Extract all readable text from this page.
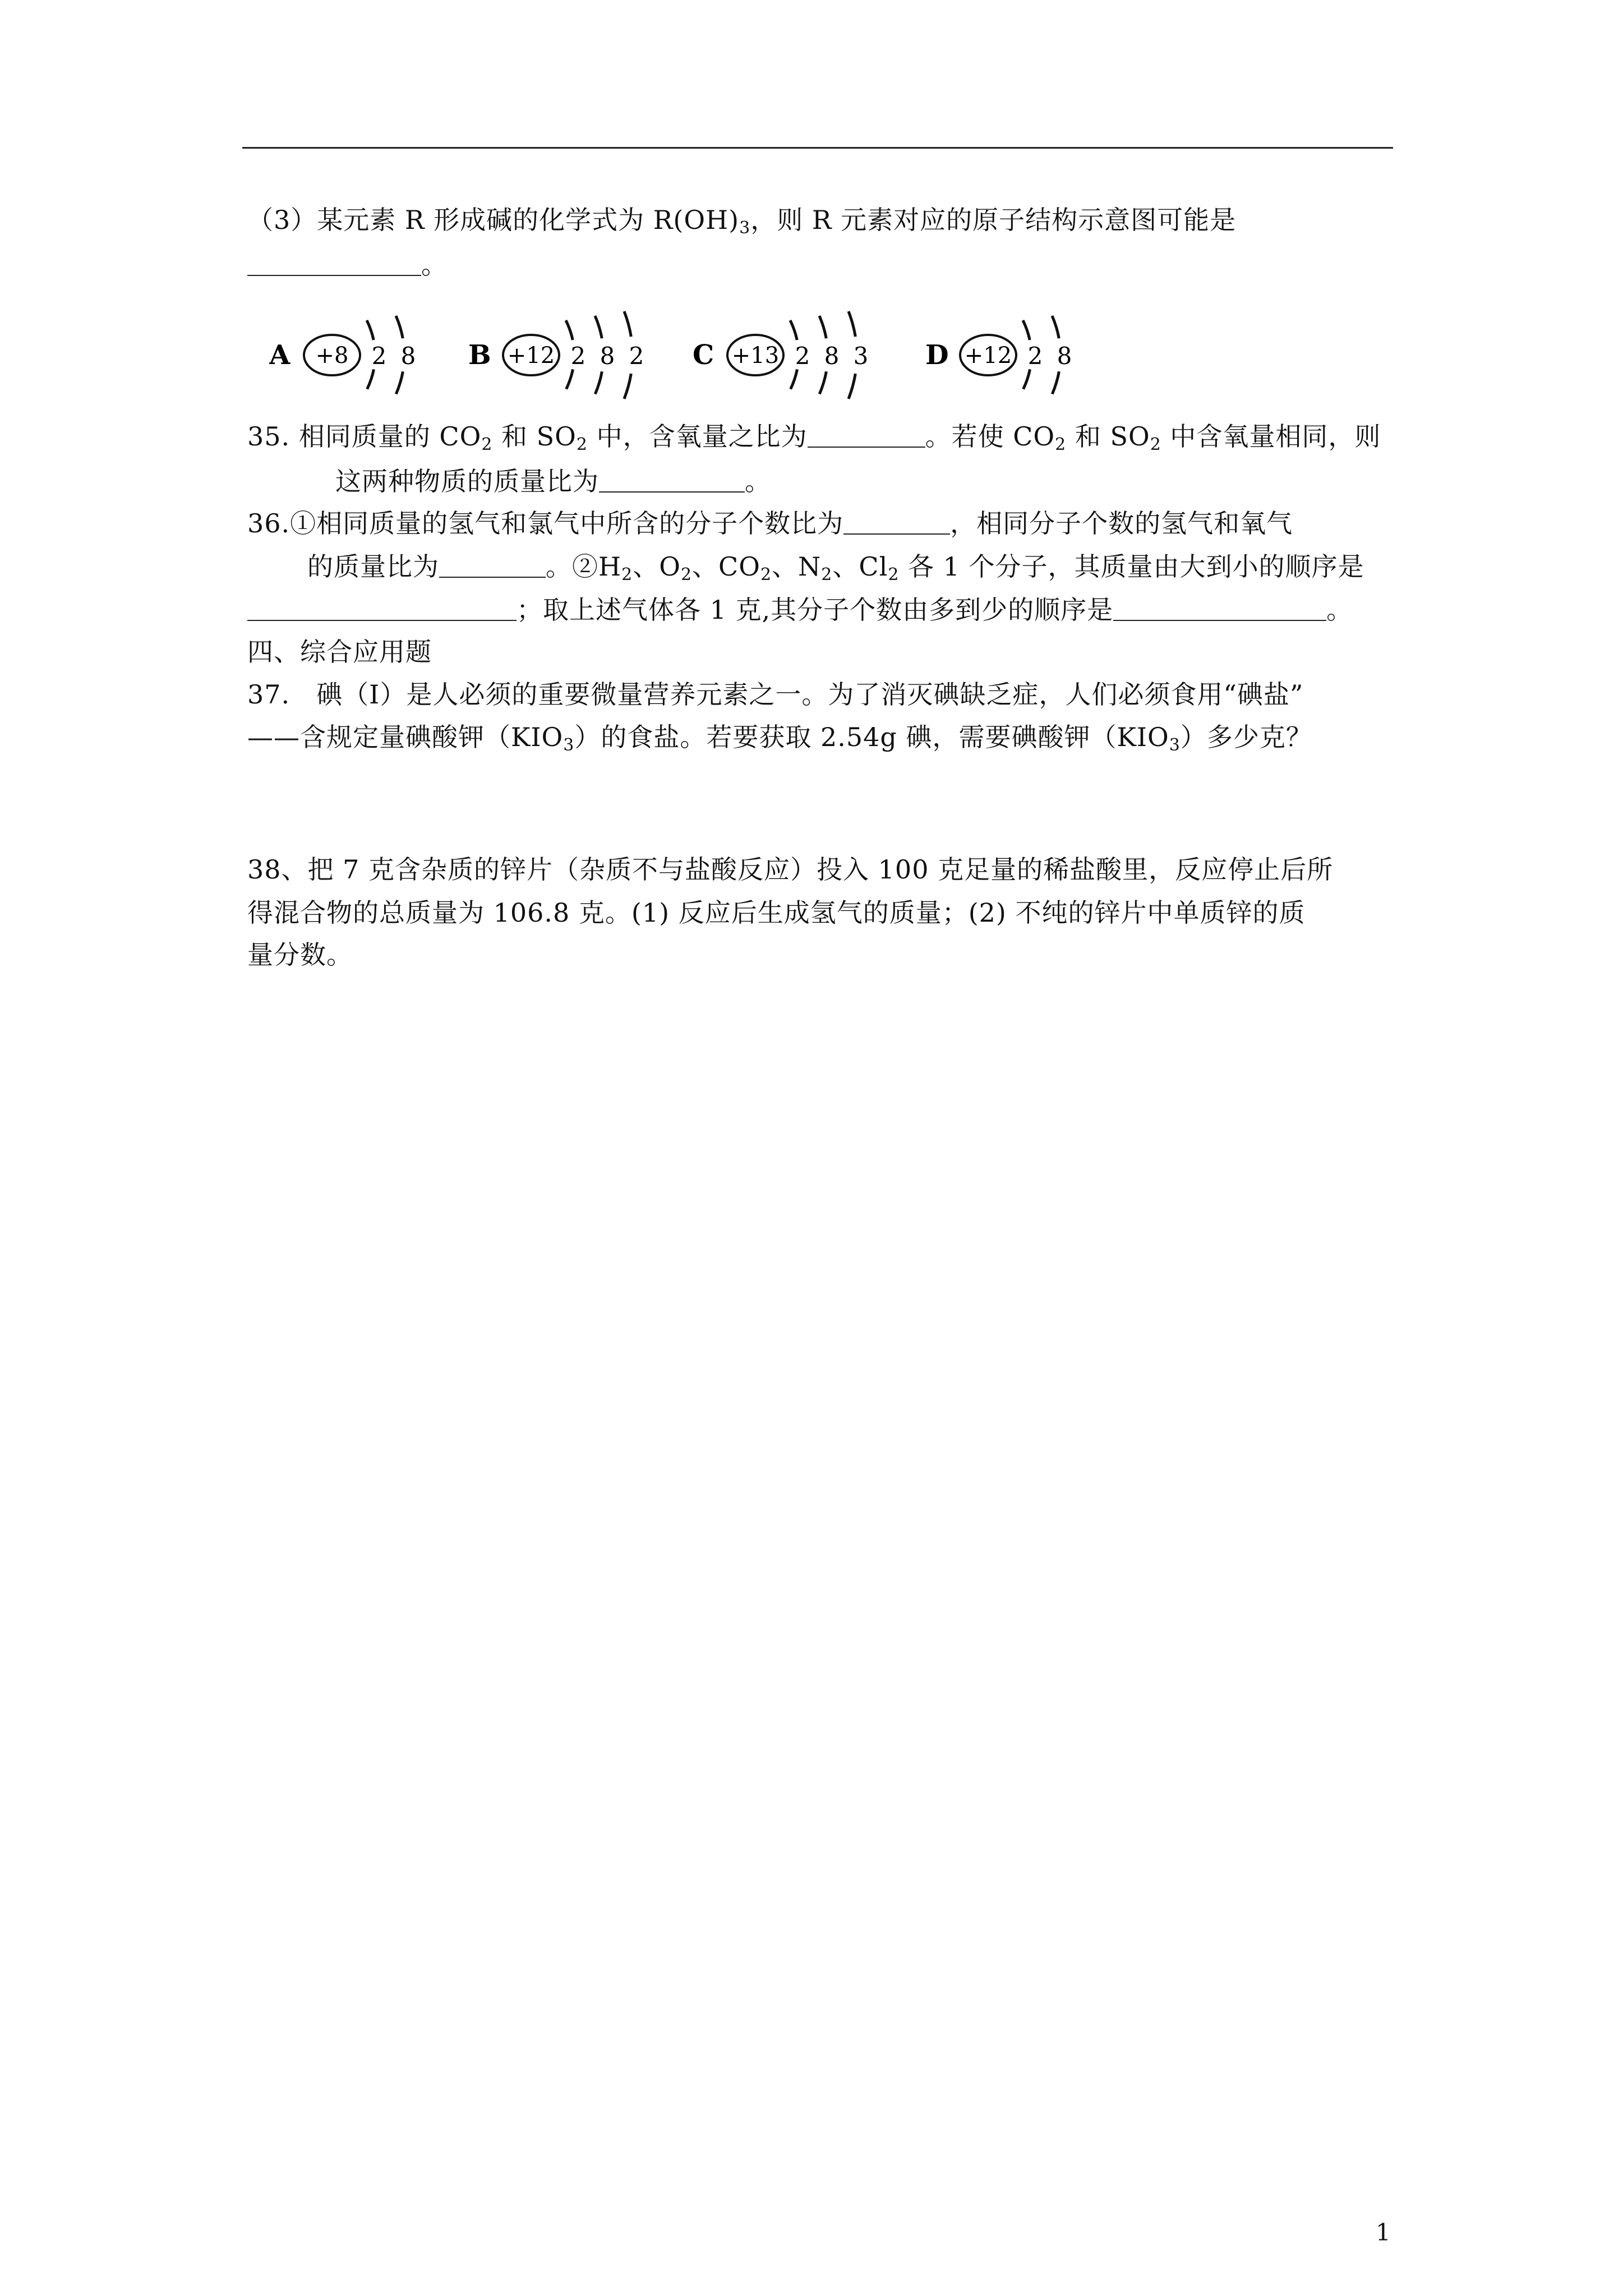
（3）某元素 R 形成碱的化学式为 $R(OH)_3$，则 R 元素对应的原子结构示意图可能是
。
A +8 2 8 B +12 2 8 2 C +13 2 8 3 D +12 2 8
35. 相同质量的 $CO_2$ 和 $SO_2$ 中，含氧量之比为	。若使 $CO_2$ 和 $SO_2$ 中含氧量相同，则
这两种物质的质量比为	。
36.①相同质量的氢气和氯气中所含的分子个数比为	，相同分子个数的氢气和氧气
的质量比为	。$②H_2$、$O_2$、$CO_2$、$N_2$、$Cl_2$ 各 1 个分子，其质量由大到小的顺序是
；取上述气体各 1 克,其分子个数由多到少的顺序是	。
四、综合应用题
37.　碘（I）是人必须的重要微量营养元素之一。为了消灭碘缺乏症，人们必须食用“碘盐”
——含规定量碘酸钾$(KIO_3)$的食盐。若要获取 2.54g 碘，需要碘酸钾$(KIO_3)$多少克？
38、把 7 克含杂质的锌片（杂质不与盐酸反应）投入 100 克足量的稀盐酸里，反应停止后所
得混合物的总质量为 106.8 克。(1) 反应后生成氢气的质量；(2) 不纯的锌片中单质锌的质
量分数。
1
